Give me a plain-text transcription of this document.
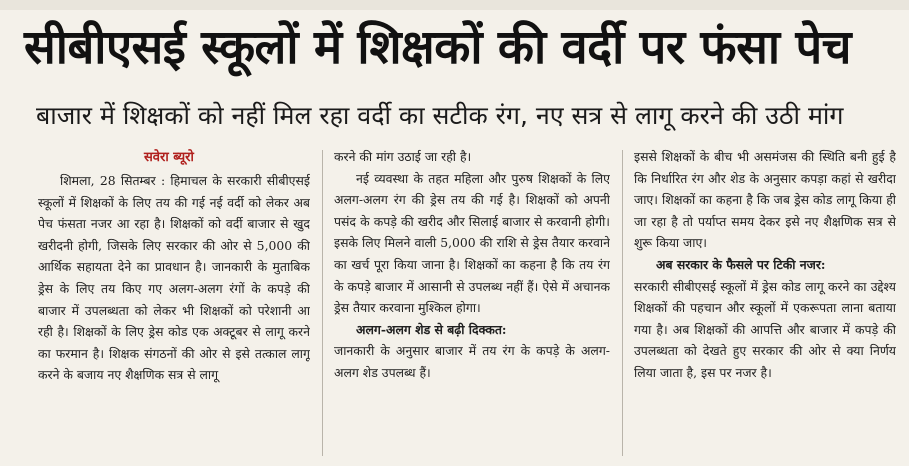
सीबीएसई स्कूलों में शिक्षकों की वर्दी पर फंसा पेच
बाजार में शिक्षकों को नहीं मिल रहा वर्दी का सटीक रंग, नए सत्र से लागू करने की उठी मांग
सवेरा ब्यूरो

शिमला, 28 सितम्बर : हिमाचल के सरकारी सीबीएसई स्कूलों में शिक्षकों के लिए तय की गई नई वर्दी को लेकर अब पेच फंसता नजर आ रहा है। शिक्षकों को वर्दी बाजार से खुद खरीदनी होगी, जिसके लिए सरकार की ओर से 5,000 की आर्थिक सहायता देने का प्रावधान है। जानकारी के मुताबिक ड्रेस के लिए तय किए गए अलग-अलग रंगों के कपड़े की बाजार में उपलब्धता को लेकर भी शिक्षकों को परेशानी आ रही है। शिक्षकों के लिए ड्रेस कोड एक अक्टूबर से लागू करने का फरमान है। शिक्षक संगठनों की ओर से इसे तत्काल लागू करने के बजाय नए शैक्षणिक सत्र से लागू

करने की मांग उठाई जा रही है।

नई व्यवस्था के तहत महिला और पुरुष शिक्षकों के लिए अलग-अलग रंग की ड्रेस तय की गई है। शिक्षकों को अपनी पसंद के कपड़े की खरीद और सिलाई बाजार से करवानी होगी। इसके लिए मिलने वाली 5,000 की राशि से ड्रेस तैयार करवाने का खर्च पूरा किया जाना है। शिक्षकों का कहना है कि तय रंग के कपड़े बाजार में आसानी से उपलब्ध नहीं हैं। ऐसे में अचानक ड्रेस तैयार करवाना मुश्किल होगा।

अलग-अलग शेड से बढ़ी दिक्कत:

जानकारी के अनुसार बाजार में तय रंग के कपड़े के अलग-अलग शेड उपलब्ध हैं।

इससे शिक्षकों के बीच भी असमंजस की स्थिति बनी हुई है कि निर्धारित रंग और शेड के अनुसार कपड़ा कहां से खरीदा जाए। शिक्षकों का कहना है कि जब ड्रेस कोड लागू किया ही जा रहा है तो पर्याप्त समय देकर इसे नए शैक्षणिक सत्र से शुरू किया जाए।

अब सरकार के फैसले पर टिकी नजर:

सरकारी सीबीएसई स्कूलों में ड्रेस कोड लागू करने का उद्देश्य शिक्षकों की पहचान और स्कूलों में एकरूपता लाना बताया गया है। अब शिक्षकों की आपत्ति और बाजार में कपड़े की उपलब्धता को देखते हुए सरकार की ओर से क्या निर्णय लिया जाता है, इस पर नजर है।
